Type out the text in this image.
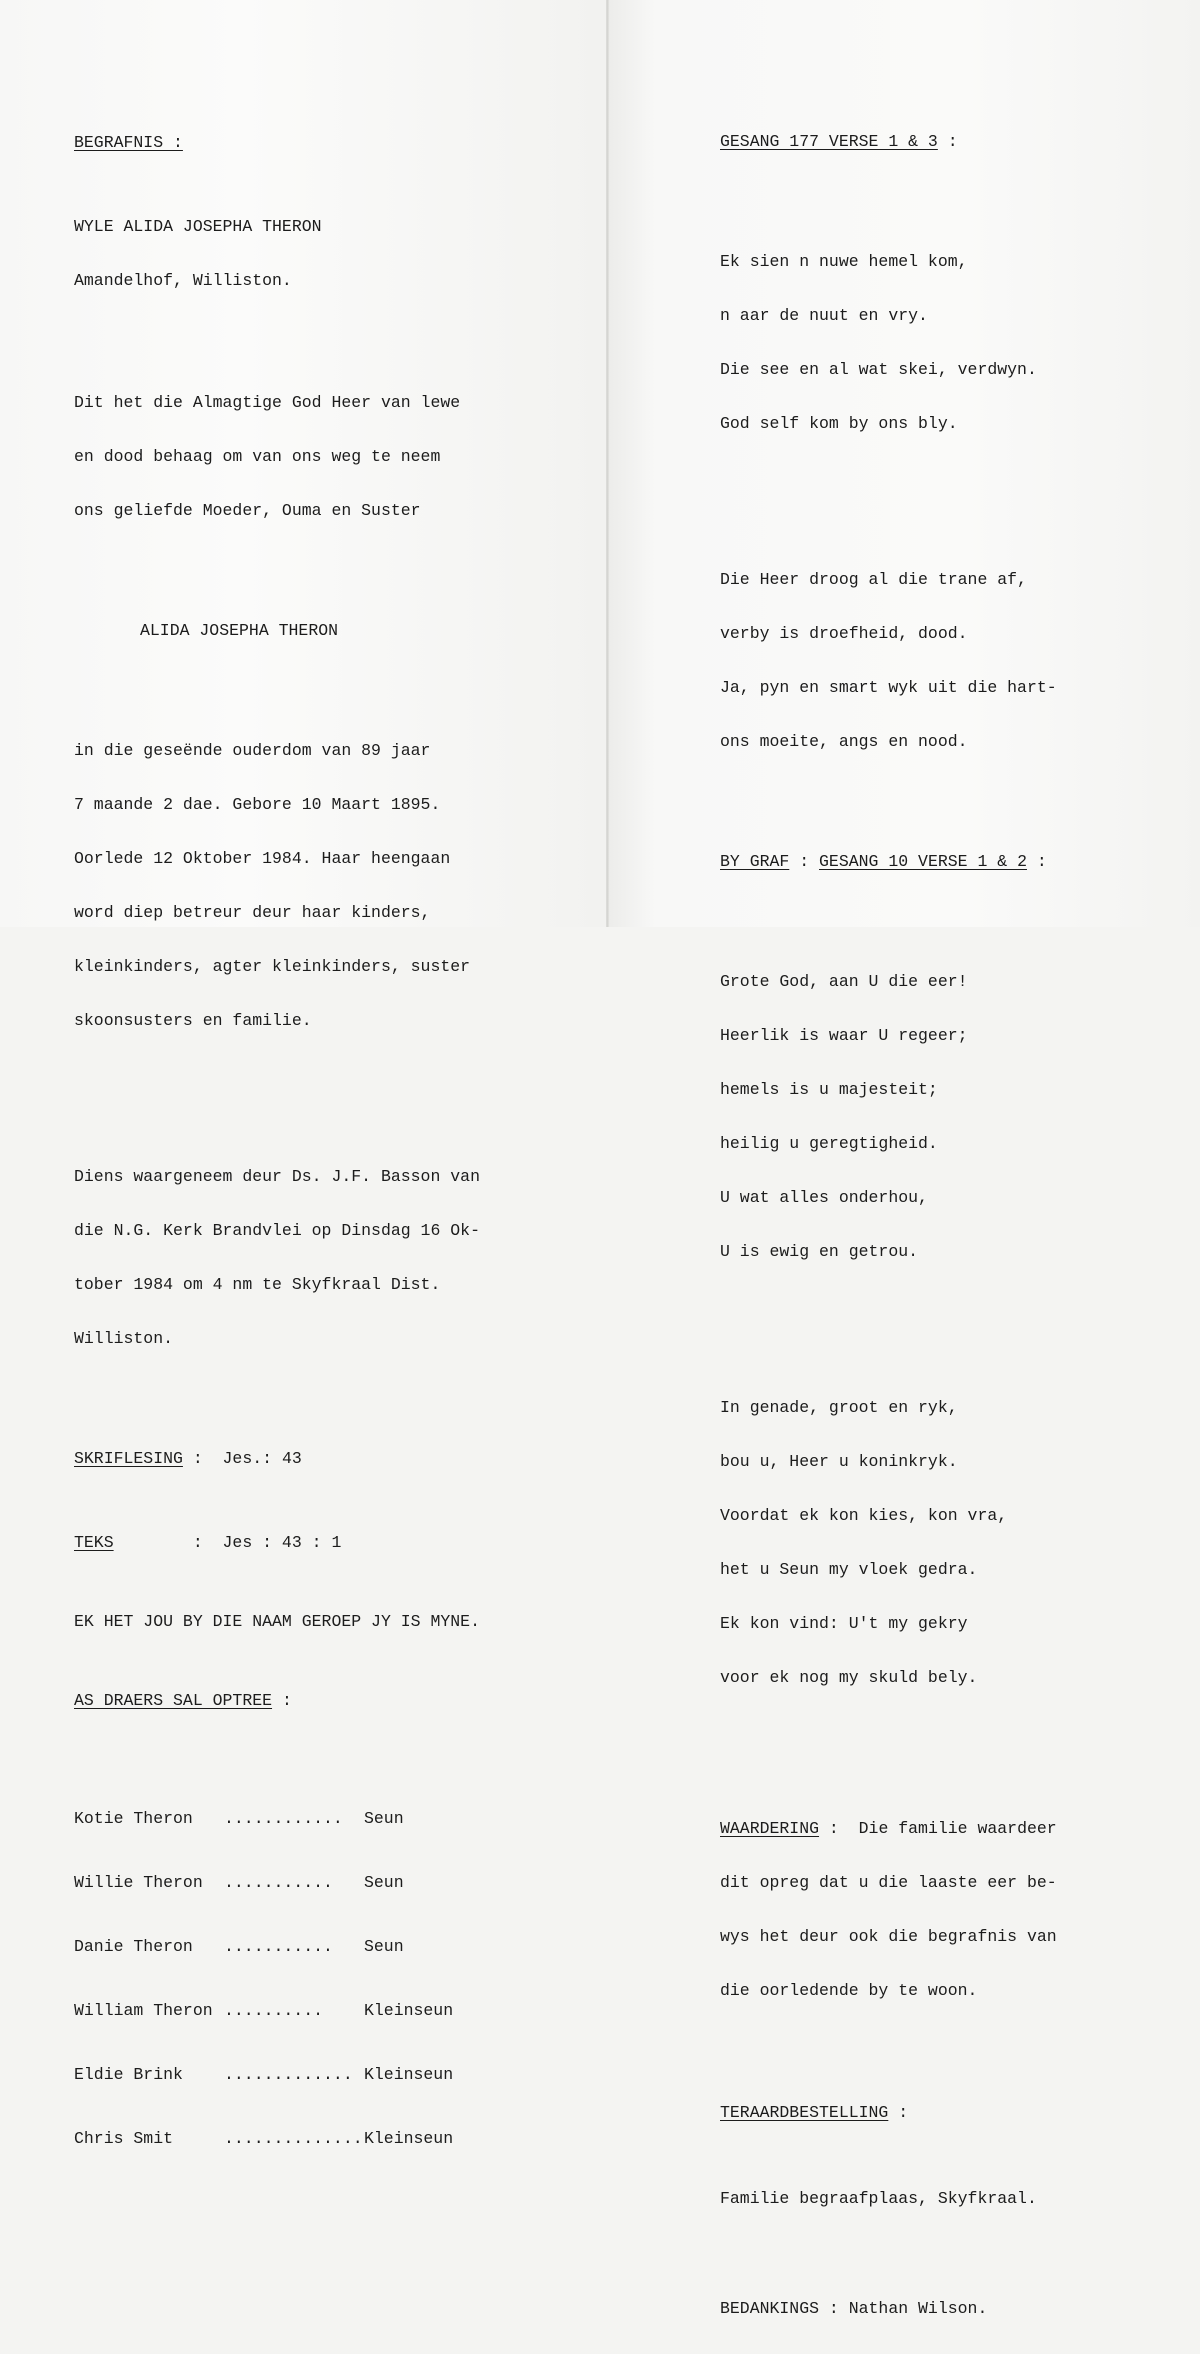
BEGRAFNIS :

WYLE ALIDA JOSEPHA THERON

Amandelhof, Williston.

Dit het die Almagtige God Heer van lewe

en dood behaag om van ons weg te neem

ons geliefde Moeder, Ouma en Suster

ALIDA JOSEPHA THERON

in die geseënde ouderdom van 89 jaar

7 maande 2 dae. Gebore 10 Maart 1895.

Oorlede 12 Oktober 1984. Haar heengaan

word diep betreur deur haar kinders,

kleinkinders, agter kleinkinders, suster

skoonsusters en familie.

Diens waargeneem deur Ds. J.F. Basson van

die N.G. Kerk Brandvlei op Dinsdag 16 Ok-

tober 1984 om 4 nm te Skyfkraal Dist.

Williston.

SKRIFLESING :  Jes.: 43

TEKS        :  Jes : 43 : 1

EK HET JOU BY DIE NAAM GEROEP JY IS MYNE.

AS DRAERS SAL OPTREE :

Kotie Theron	............	Seun

Willie Theron	...........	Seun

Danie Theron	...........	Seun

William Theron ..........	Kleinseun

Eldie Brink	............. Kleinseun

Chris Smit	.............. Kleinseun

GESANG 177 VERSE 1 & 3 :

Ek sien n nuwe hemel kom,

n aar de nuut en vry.

Die see en al wat skei, verdwyn.

God self kom by ons bly.

Die Heer droog al die trane af,

verby is droefheid, dood.

Ja, pyn en smart wyk uit die hart-

ons moeite, angs en nood.

BY GRAF : GESANG 10 VERSE 1 & 2 :

Grote God, aan U die eer!

Heerlik is waar U regeer;

hemels is u majesteit;

heilig u geregtigheid.

U wat alles onderhou,

U is ewig en getrou.

In genade, groot en ryk,

bou u, Heer u koninkryk.

Voordat ek kon kies, kon vra,

het u Seun my vloek gedra.

Ek kon vind: U't my gekry

voor ek nog my skuld bely.

WAARDERING :  Die familie waardeer

dit opreg dat u die laaste eer be-

wys het deur ook die begrafnis van

die oorledende by te woon.

TERAARDBESTELLING :

Familie begraafplaas, Skyfkraal.

BEDANKINGS : Nathan Wilson.
